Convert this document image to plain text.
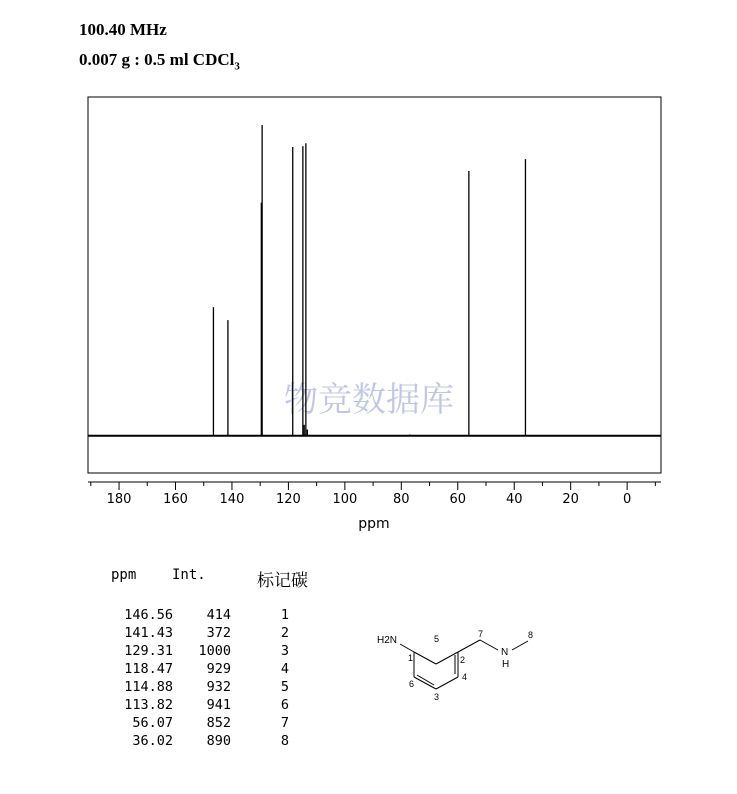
100.40 MHz
0.007 g : 0.5 ml CDCl$_3$
物竞数据库
180 160 140 120 100	80	60	40	20	0
ppm
ppm	Int.	标记碳
146.56	414	1
141.43	372	2
129.31	1000	3
118.47	929	4
114.88	932	5
113.82	941	6
56.07	852	7
36.02	890	8
H2N
N
H
1	2
3
4
5
6
7	8
